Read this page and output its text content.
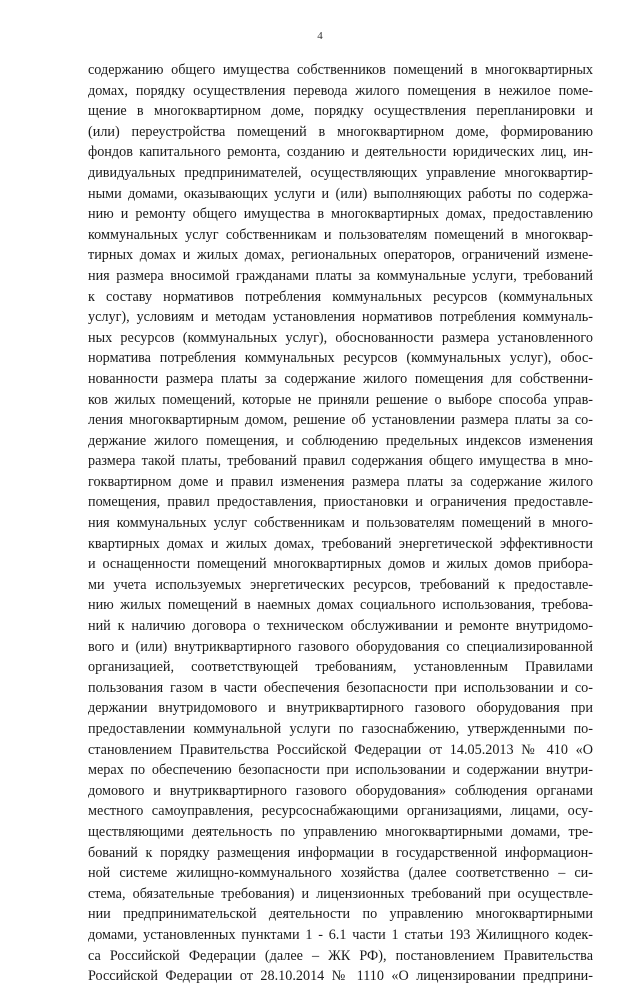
4
содержанию общего имущества собственников помещений в многоквартирных
домах, порядку осуществления перевода жилого помещения в нежилое поме-
щение в многоквартирном доме, порядку осуществления перепланировки и
(или) переустройства помещений в многоквартирном доме, формированию
фондов капитального ремонта, созданию и деятельности юридических лиц, ин-
дивидуальных предпринимателей, осуществляющих управление многоквартир-
ными домами, оказывающих услуги и (или) выполняющих работы по содержа-
нию и ремонту общего имущества в многоквартирных домах, предоставлению
коммунальных услуг собственникам и пользователям помещений в многоквар-
тирных домах и жилых домах, региональных операторов, ограничений измене-
ния размера вносимой гражданами платы за коммунальные услуги, требований
к составу нормативов потребления коммунальных ресурсов (коммунальных
услуг), условиям и методам установления нормативов потребления коммуналь-
ных ресурсов (коммунальных услуг), обоснованности размера установленного
норматива потребления коммунальных ресурсов (коммунальных услуг), обос-
нованности размера платы за содержание жилого помещения для собственни-
ков жилых помещений, которые не приняли решение о выборе способа управ-
ления многоквартирным домом, решение об установлении размера платы за со-
держание жилого помещения, и соблюдению предельных индексов изменения
размера такой платы, требований правил содержания общего имущества в мно-
гоквартирном доме и правил изменения размера платы за содержание жилого
помещения, правил предоставления, приостановки и ограничения предоставле-
ния коммунальных услуг собственникам и пользователям помещений в много-
квартирных домах и жилых домах, требований энергетической эффективности
и оснащенности помещений многоквартирных домов и жилых домов прибора-
ми учета используемых энергетических ресурсов, требований к предоставле-
нию жилых помещений в наемных домах социального использования, требова-
ний к наличию договора о техническом обслуживании и ремонте внутридомо-
вого и (или) внутриквартирного газового оборудования со специализированной
организацией, соответствующей требованиям, установленным Правилами
пользования газом в части обеспечения безопасности при использовании и со-
держании внутридомового и внутриквартирного газового оборудования при
предоставлении коммунальной услуги по газоснабжению, утвержденными по-
становлением Правительства Российской Федерации от 14.05.2013 № 410 «О
мерах по обеспечению безопасности при использовании и содержании внутри-
домового и внутриквартирного газового оборудования» соблюдения органами
местного самоуправления, ресурсоснабжающими организациями, лицами, осу-
ществляющими деятельность по управлению многоквартирными домами, тре-
бований к порядку размещения информации в государственной информацион-
ной системе жилищно-коммунального хозяйства (далее соответственно – си-
стема, обязательные требования) и лицензионных требований при осуществле-
нии предпринимательской деятельности по управлению многоквартирными
домами, установленных пунктами 1 - 6.1 части 1 статьи 193 Жилищного кодек-
са Российской Федерации (далее – ЖК РФ), постановлением Правительства
Российской Федерации от 28.10.2014 № 1110 «О лицензировании предприни-
